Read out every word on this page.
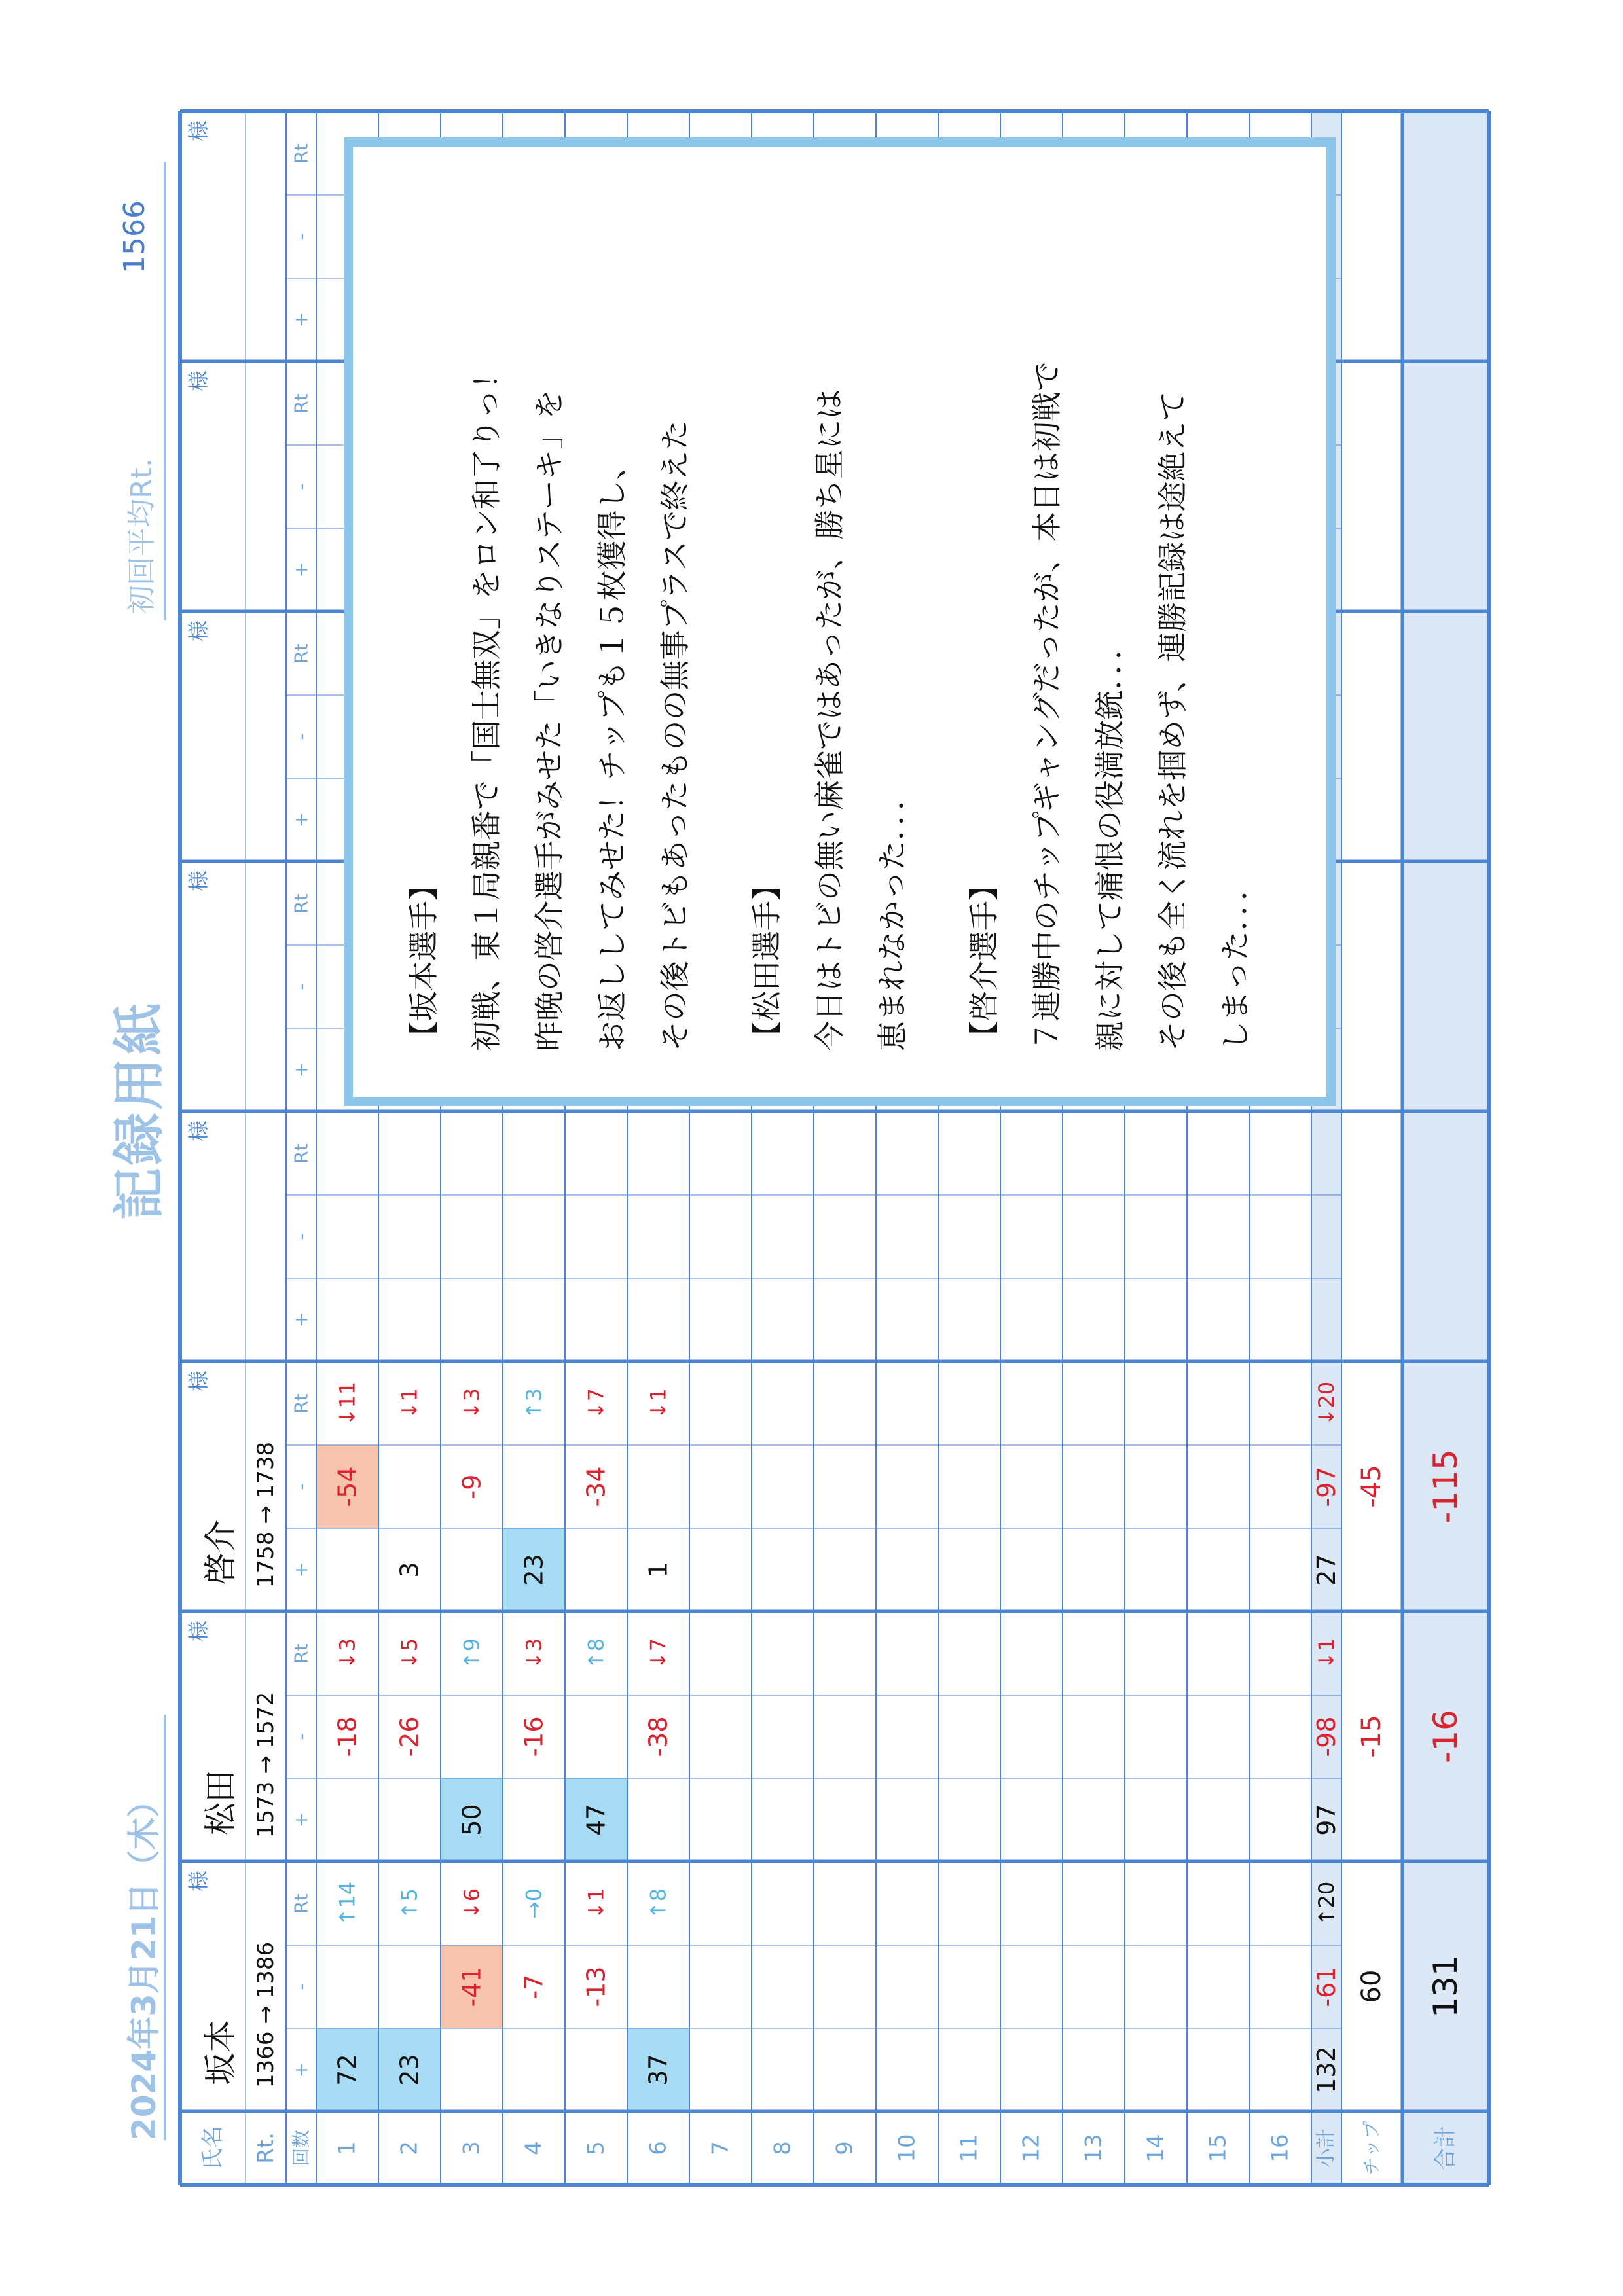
記録用紙
2024年3月21日（木）
初回平均Rt.
1566
氏名 Rt. 回数 1 2 3 4 5 6 7 8 9 10 11 12 13 14 15 16 小計 チップ 合計
様
坂本 1366 → 1386 +
-
Rt
72
↑14
23
↑5
-41
↓6
-7
→0
-13
↓1
37
↑8
132
-61
↑20
60 131
様
松田 1573 → 1572 +
-
Rt
-18
↓3
-26
↓5
50
↑9
-16
↓3
47
↑8
-38
↓7
97
-98
↓1
-15 -16
様
啓介 1758 → 1738 +
-
Rt
-54
↓11
3
↓1
-9
↓3
23
↑3
-34
↓7
1
↓1
27
-97
↓20
-45 -115
様
+
-
Rt
様
+
-
Rt
様
+
-
Rt
様
+
-
Rt
様
+
-
Rt
【坂本選手】 初戦、東１局親番で「国士無双」をロン和了りっ！ 昨晩の啓介選手がみせた「いきなりステーキ」を お返ししてみせた！チップも１５枚獲得し、 その後トビもあったものの無事プラスで終えた	【松田選手】 今日はトビの無い麻雀ではあったが、勝ち星には 恵まれなかった．．．	【啓介選手】 ７連勝中のチップギャングだったが、本日は初戦で 親に対して痛恨の役満放銃．．． その後も全く流れを掴めず、連勝記録は途絶えて しまった．．．
